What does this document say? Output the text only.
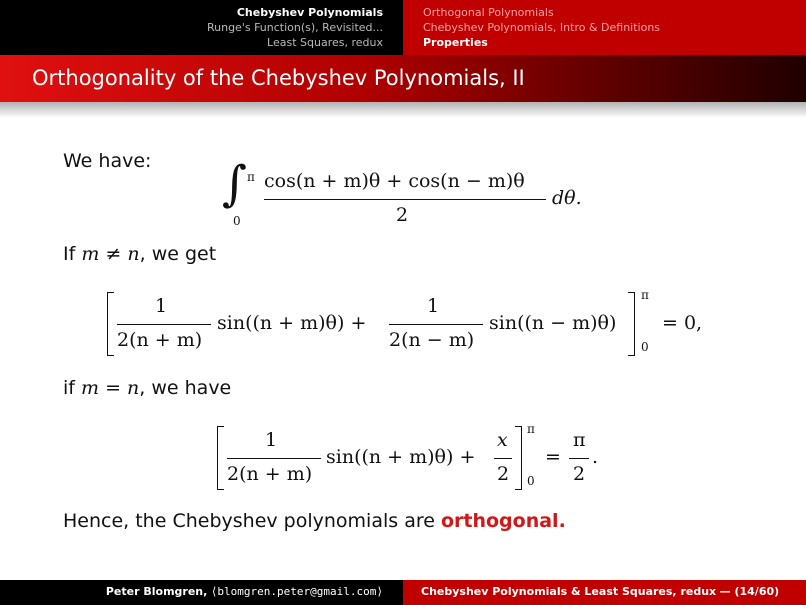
Chebyshev Polynomials
Runge's Function(s), Revisited...
Least Squares, redux
Orthogonal Polynomials
Chebyshev Polynomials, Intro & Definitions
Properties
Orthogonality of the Chebyshev Polynomials, II
We have: ∫ π
0
cos(n + m)θ + cos(n − m)θ
2
dθ.
If m ≠ n, we get
1
2(n + m)
sin((n + m)θ) +
1
2(n − m)
sin((n − m)θ)
π
0
= 0,
if m = n, we have
1
2(n + m)
sin((n + m)θ) +
x
2
π
0
=
π
2
.
Hence, the Chebyshev polynomials are orthogonal.
Peter Blomgren, ⟨blomgren.peter@gmail.com⟩	Chebyshev Polynomials & Least Squares, redux — (14/60)
